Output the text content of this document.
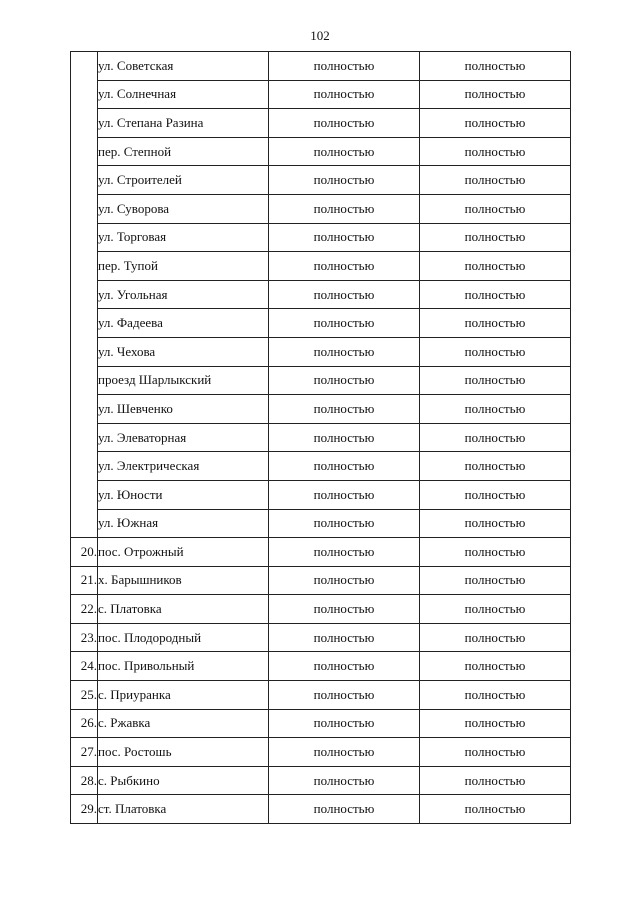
102
	ул. Советская	полностью	полностью
	ул. Солнечная	полностью	полностью
	ул. Степана Разина	полностью	полностью
	пер. Степной	полностью	полностью
	ул. Строителей	полностью	полностью
	ул. Суворова	полностью	полностью
	ул. Торговая	полностью	полностью
	пер. Тупой	полностью	полностью
	ул. Угольная	полностью	полностью
	ул. Фадеева	полностью	полностью
	ул. Чехова	полностью	полностью
	проезд Шарлыкский	полностью	полностью
	ул. Шевченко	полностью	полностью
	ул. Элеваторная	полностью	полностью
	ул. Электрическая	полностью	полностью
	ул. Юности	полностью	полностью
	ул. Южная	полностью	полностью
20.	пос. Отрожный	полностью	полностью
21.	х. Барышников	полностью	полностью
22.	с. Платовка	полностью	полностью
23.	пос. Плодородный	полностью	полностью
24.	пос. Привольный	полностью	полностью
25.	с. Приуранка	полностью	полностью
26.	с. Ржавка	полностью	полностью
27.	пос. Ростошь	полностью	полностью
28.	с. Рыбкино	полностью	полностью
29.	ст. Платовка	полностью	полностью
